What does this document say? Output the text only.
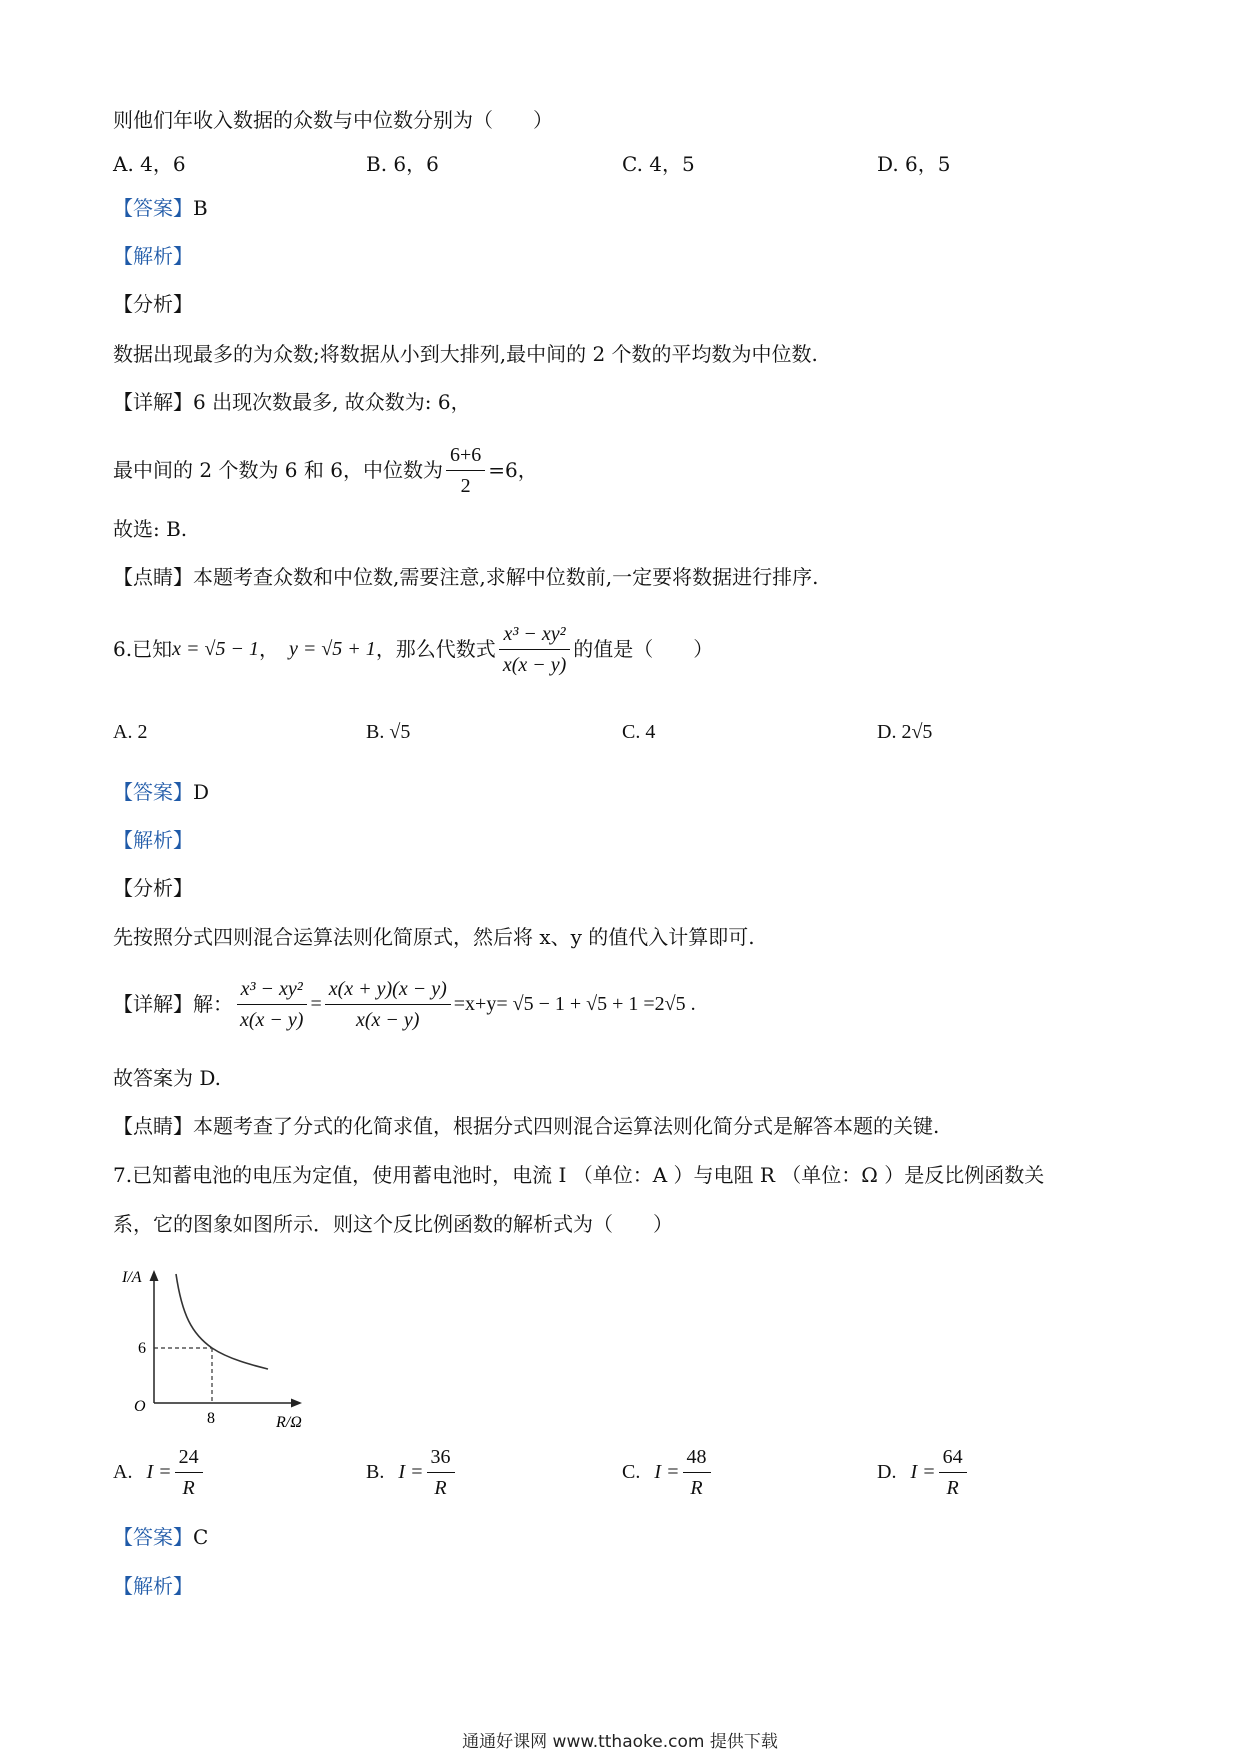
则他们年收入数据的众数与中位数分别为（　　）
A. 4，6	B. 6，6	C. 4，5	D. 6，5
【答案】B
【解析】
【分析】
数据出现最多的为众数;将数据从小到大排列,最中间的 2 个数的平均数为中位数.
【详解】6 出现次数最多, 故众数为: 6，
最中间的 2 个数为 6 和 6，中位数为 $\frac{6+6}{2} =6$，
故选: B.
【点睛】本题考查众数和中位数,需要注意,求解中位数前,一定要将数据进行排序.
6.已知 x = √5 − 1 ， y = √5 + 1 ，那么代数式 $\frac{\text{x³ − xy²}}{x(x - y)}$ 的值是（　　）
A. 2	B. √5	C. 4	D. 2√5
【答案】D
【解析】
【分析】
先按照分式四则混合运算法则化简原式，然后将 x、y 的值代入计算即可.
【详解】 解： $\frac{\text{x³ − xy²}}{x(x - y)} = \frac{x(x + y)(x - y)}{x(x - y)} =x+y= √5 - 1 + √5 + 1 =2√5$ .
故答案为 D.
【点睛】本题考查了分式的化简求值，根据分式四则混合运算法则化简分式是解答本题的关键.
7.已知蓄电池的电压为定值，使用蓄电池时，电流 I （单位：A ）与电阻 R （单位：Ω ）是反比例函数关
系，它的图象如图所示．则这个反比例函数的解析式为（　　）
I/A
R/Ω
O
6
8
A. $I = \frac{24}{R}$	B. $I = \frac{36}{R}$	C. $I = \frac{48}{R}$	D. $I = \frac{64}{R}$
【答案】C
【解析】
通通好课网 www.tthaoke.com 提供下载
